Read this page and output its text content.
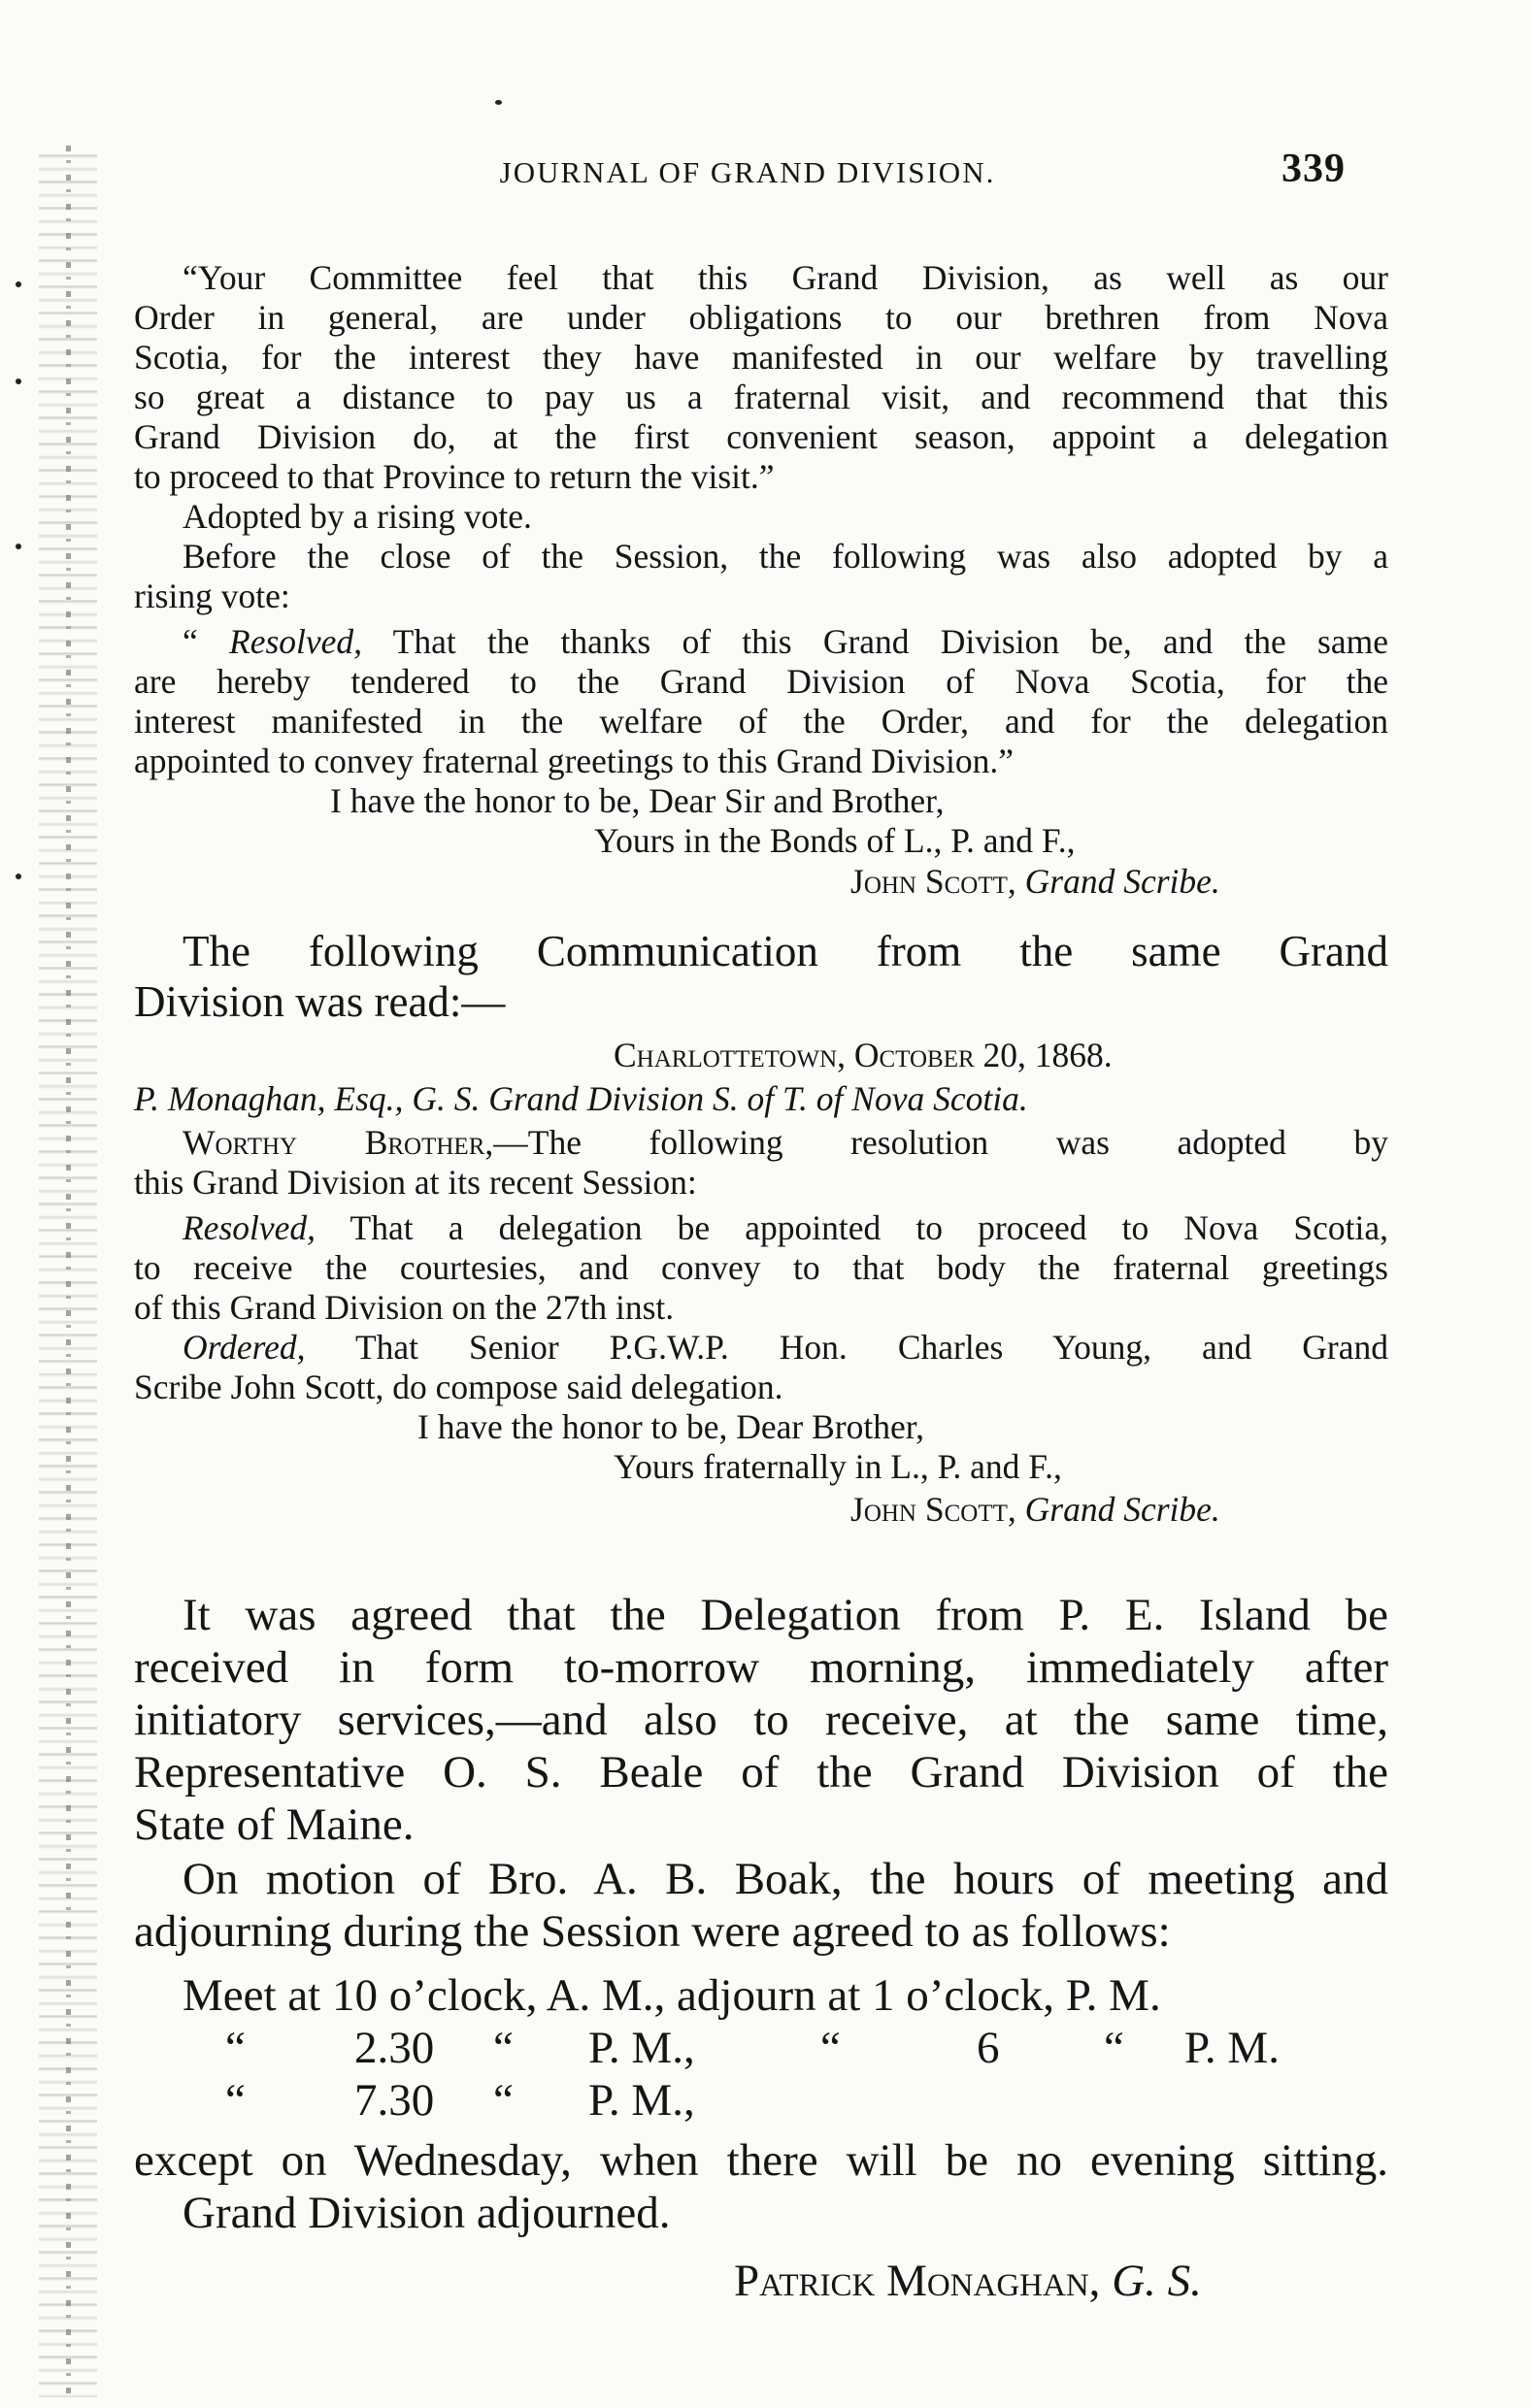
JOURNAL OF GRAND DIVISION.	339
“Your Committee feel that this Grand Division, as well as our
Order in general, are under obligations to our brethren from Nova
Scotia, for the interest they have manifested in our welfare by travelling
so great a distance to pay us a fraternal visit, and recommend that this
Grand Division do, at the first convenient season, appoint a delegation
to proceed to that Province to return the visit.”
Adopted by a rising vote.
Before the close of the Session, the following was also adopted by a
rising vote:
“ Resolved, That the thanks of this Grand Division be, and the same
are hereby tendered to the Grand Division of Nova Scotia, for the
interest manifested in the welfare of the Order, and for the delegation
appointed to convey fraternal greetings to this Grand Division.”
I have the honor to be, Dear Sir and Brother,
Yours in the Bonds of L., P. and F.,
John Scott, Grand Scribe.
The following Communication from the same Grand
Division was read:—
Charlottetown, October 20, 1868.
P. Monaghan, Esq., G. S. Grand Division S. of T. of Nova Scotia.
Worthy Brother,—The following resolution was adopted by
this Grand Division at its recent Session:
Resolved, That a delegation be appointed to proceed to Nova Scotia,
to receive the courtesies, and convey to that body the fraternal greetings
of this Grand Division on the 27th inst.
Ordered, That Senior P.G.W.P. Hon. Charles Young, and Grand
Scribe John Scott, do compose said delegation.
I have the honor to be, Dear Brother,
Yours fraternally in L., P. and F.,
John Scott, Grand Scribe.
It was agreed that the Delegation from P. E. Island be
received in form to-morrow morning, immediately after
initiatory services,—and also to receive, at the same time,
Representative O. S. Beale of the Grand Division of the
State of Maine.
On motion of Bro. A. B. Boak, the hours of meeting and
adjourning during the Session were agreed to as follows:
Meet at 10 o’clock, A. M., adjourn at 1 o’clock, P. M.
“ 2.30 “ P. M.,	“	6 “ P. M.
“ 7.30 “ P. M.,
except on Wednesday, when there will be no evening sitting.
Grand Division adjourned.
Patrick Monaghan, G. S.
